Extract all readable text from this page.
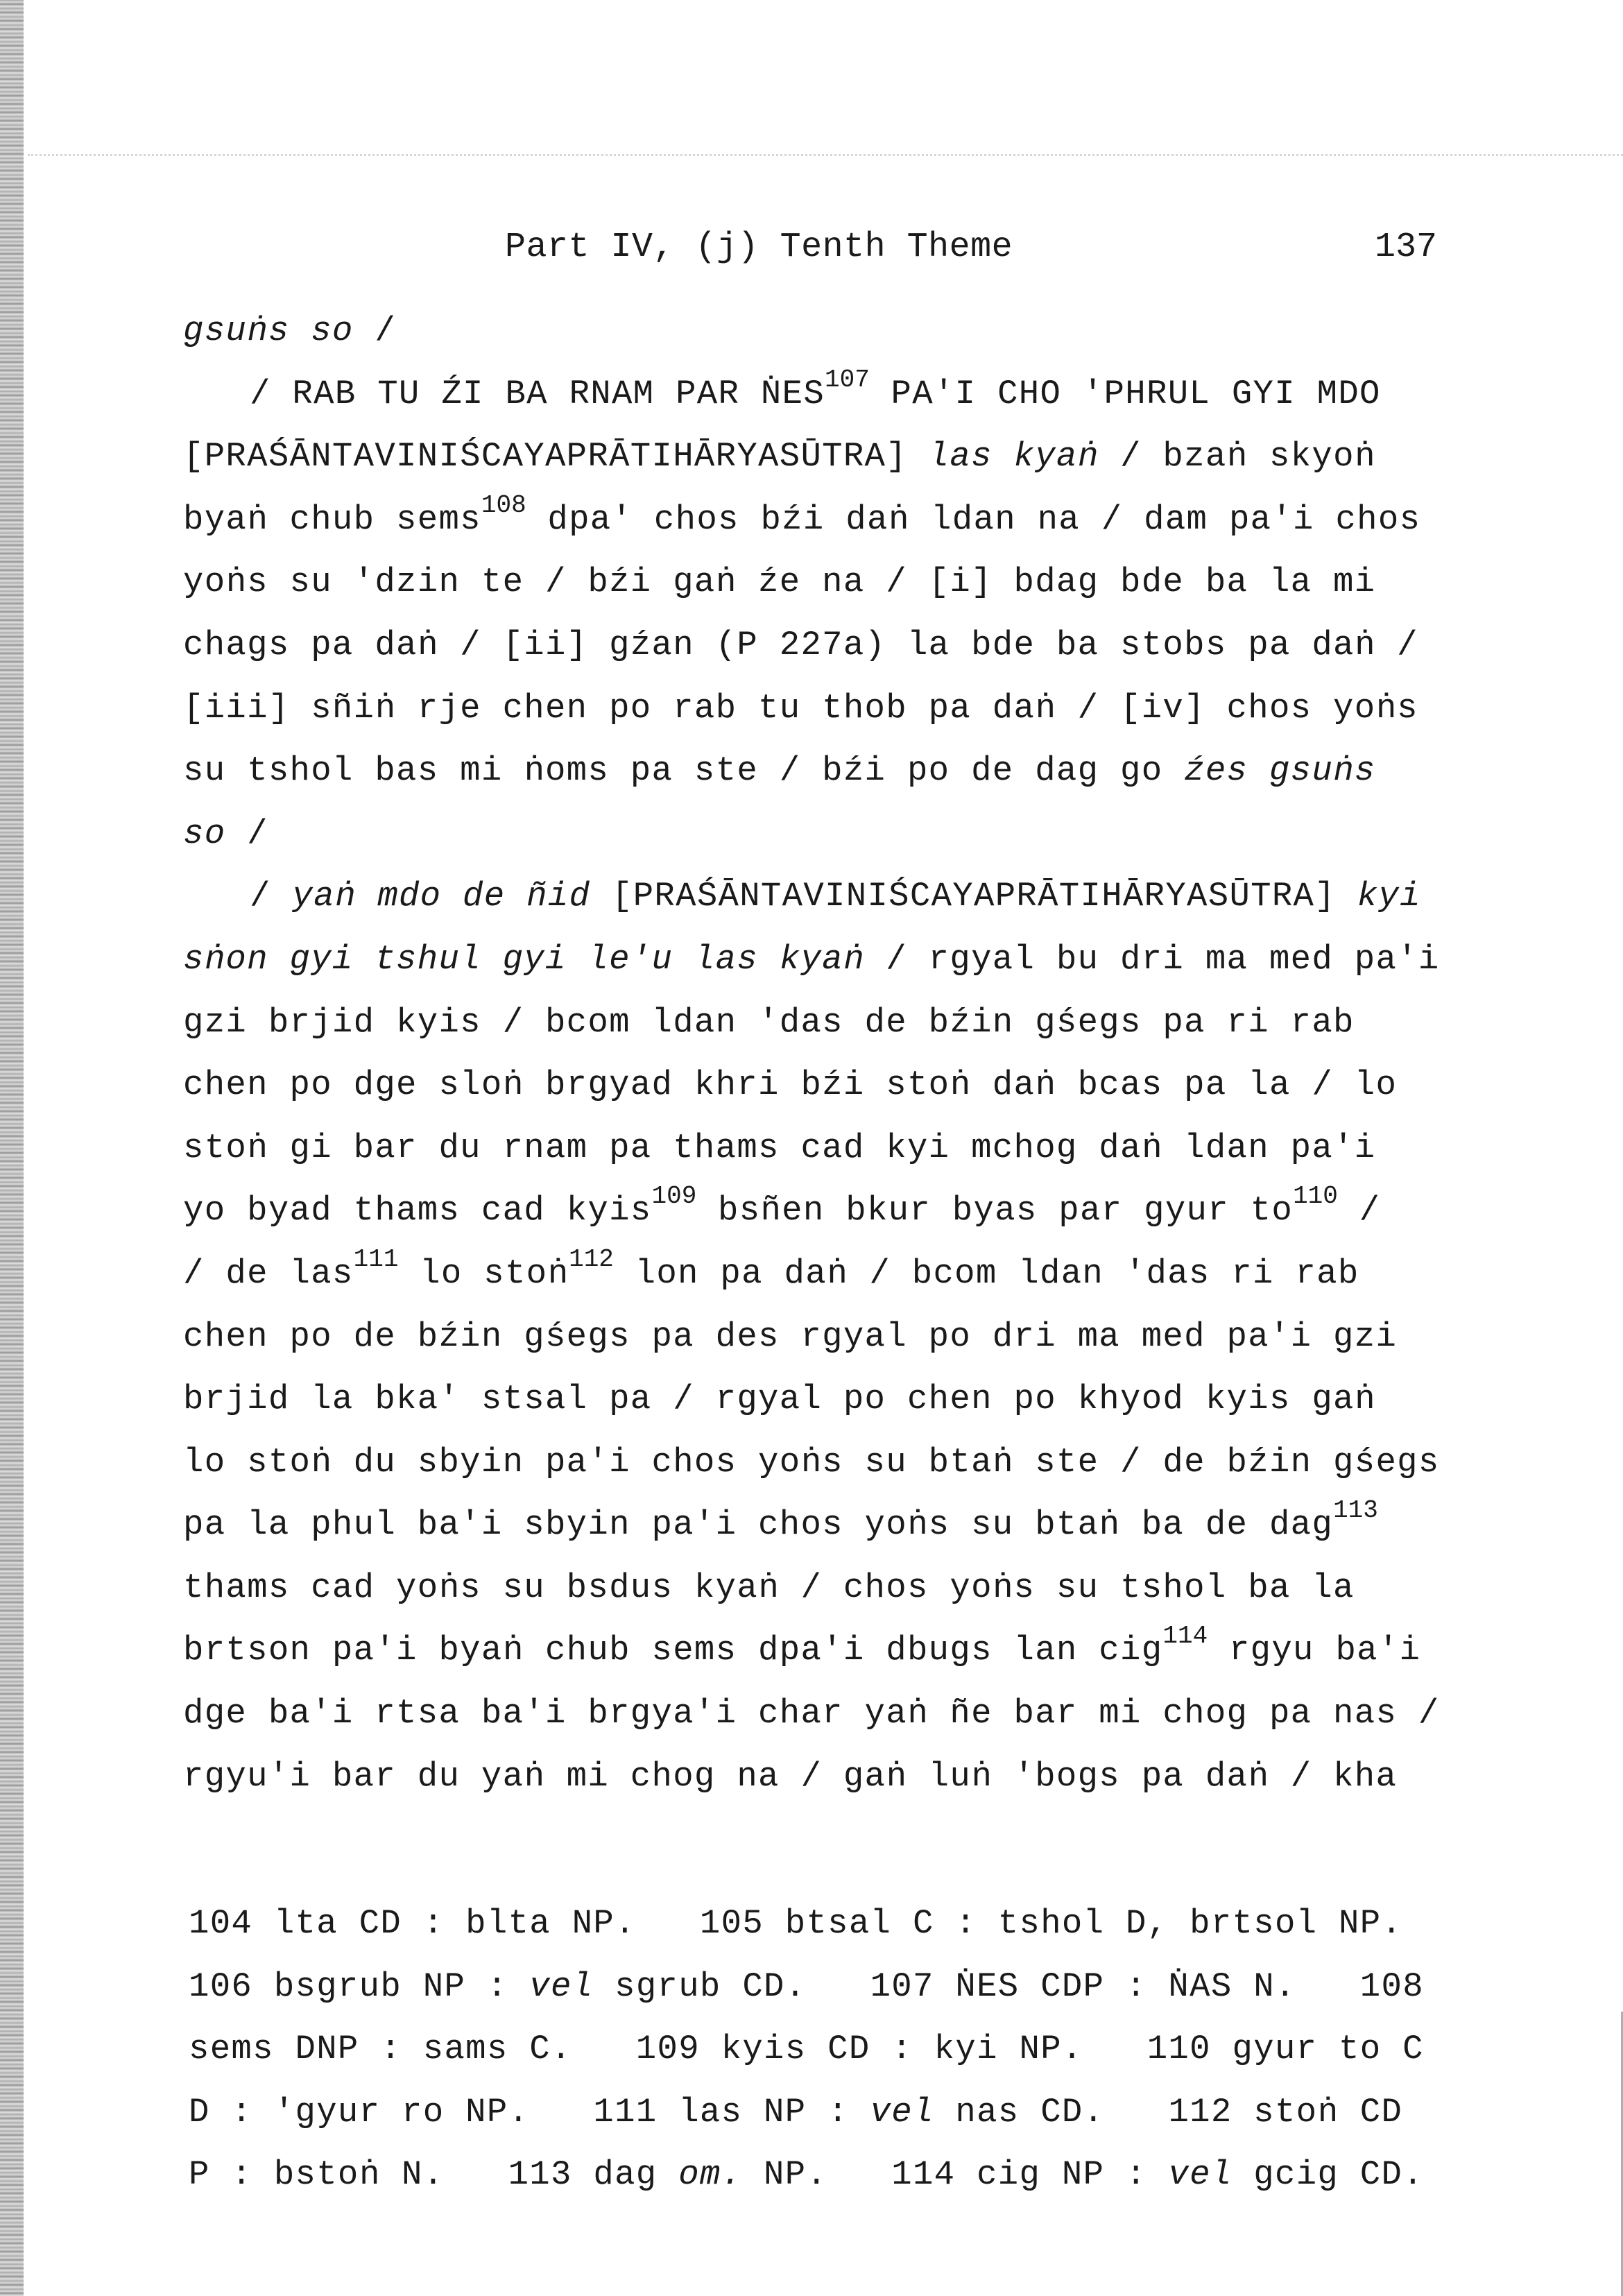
Part IV, (j) Tenth Theme	137
gsuṅs so /
/ RAB TU ŹI BA RNAM PAR ṄES$^{107}$ PA'I CHO 'PHRUL GYI MDO
[PRAŚĀNTAVINIŚCAYAPRĀTIHĀRYASŪTRA] las kyaṅ / bzaṅ skyoṅ
byaṅ chub sems$^{108}$ dpa' chos bźi daṅ ldan na / dam pa'i chos
yoṅs su 'dzin te / bźi gaṅ źe na / [i] bdag bde ba la mi
chags pa daṅ / [ii] gźan (P 227a) la bde ba stobs pa daṅ /
[iii] sñiṅ rje chen po rab tu thob pa daṅ / [iv] chos yoṅs
su tshol bas mi ṅoms pa ste / bźi po de dag go źes gsuṅs
so /
/ yaṅ mdo de ñid [PRAŚĀNTAVINIŚCAYAPRĀTIHĀRYASŪTRA] kyi
sṅon gyi tshul gyi le'u las kyaṅ / rgyal bu dri ma med pa'i
gzi brjid kyis / bcom ldan 'das de bźin gśegs pa ri rab
chen po dge sloṅ brgyad khri bźi stoṅ daṅ bcas pa la / lo
stoṅ gi bar du rnam pa thams cad kyi mchog daṅ ldan pa'i
yo byad thams cad kyis$^{109}$ bsñen bkur byas par gyur $to^{110}$ /
/ de las$^{111}$ lo stoṅ$^{112}$ lon pa daṅ / bcom ldan 'das ri rab
chen po de bźin gśegs pa des rgyal po dri ma med pa'i gzi
brjid la bka' stsal pa / rgyal po chen po khyod kyis gaṅ
lo stoṅ du sbyin pa'i chos yoṅs su btaṅ ste / de bźin gśegs
pa la phul ba'i sbyin pa'i chos yoṅs su btaṅ ba de dag$^{113}$
thams cad yoṅs su bsdus kyaṅ / chos yoṅs su tshol ba la
brtson pa'i byaṅ chub sems dpa'i dbugs lan cig$^{114}$ rgyu ba'i
dge ba'i rtsa ba'i brgya'i char yaṅ ñe bar mi chog pa nas /
rgyu'i bar du yaṅ mi chog na / gaṅ luṅ 'bogs pa daṅ / kha
104 lta CD : blta NP.   105 btsal C : tshol D, brtsol NP.
106 bsgrub NP : vel sgrub CD.   107 ṄES CDP : ṄAS N.   108
sems DNP : sams C.   109 kyis CD : kyi NP.   110 gyur to C
D : 'gyur ro NP.   111 las NP : vel nas CD.   112 stoṅ CD
P : bstoṅ N.   113 dag om. NP.   114 cig NP : vel gcig CD.
